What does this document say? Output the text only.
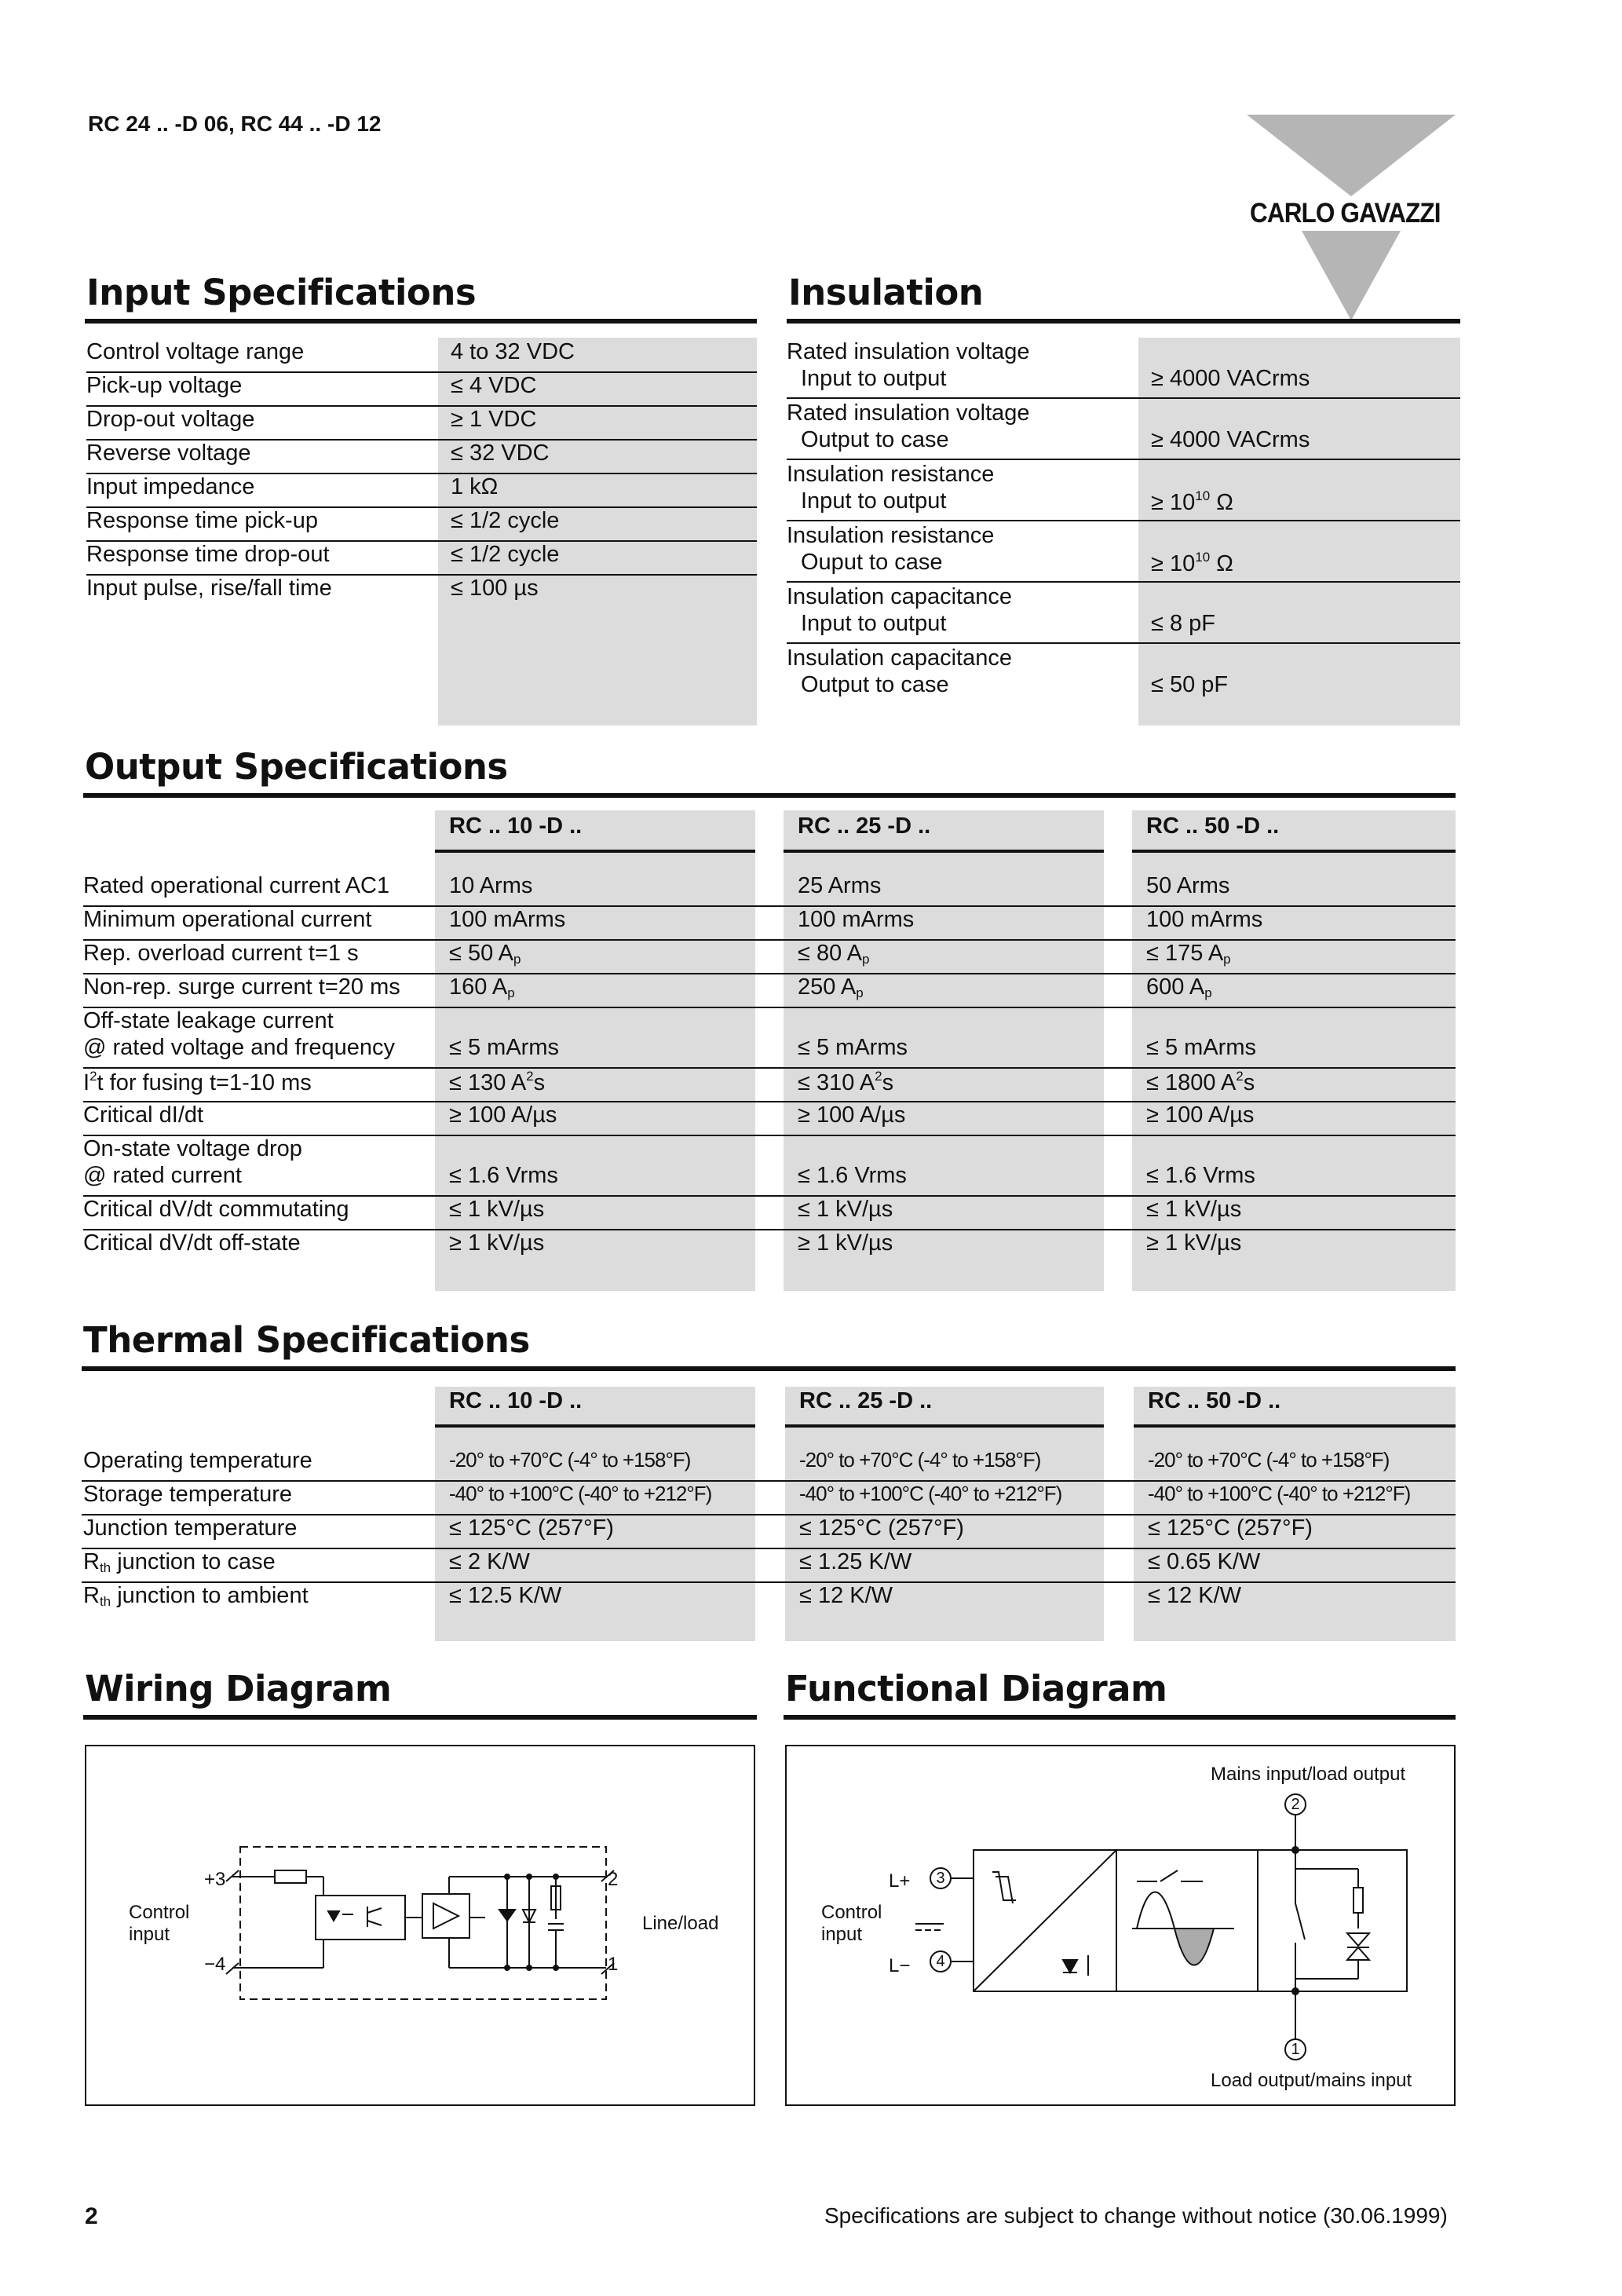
RC 24 .. -D 06, RC 44 .. -D 12
CARLO GAVAZZI
Input Specifications
Control voltage range	4 to 32 VDC
Pick-up voltage	≤ 4 VDC
Drop-out voltage	≥ 1 VDC
Reverse voltage	≤ 32 VDC
Input impedance	1 kΩ
Response time pick-up	≤ 1/2 cycle
Response time drop-out	≤ 1/2 cycle
Input pulse, rise/fall time	≤ 100 µs
Insulation
Rated insulation voltage
Input to output	≥ 4000 VACrms
Rated insulation voltage
Output to case	≥ 4000 VACrms
Insulation resistance
Input to output	≥ $10^{10}$ Ω
Insulation resistance
Ouput to case	≥ $10^{10}$ Ω
Insulation capacitance
Input to output	≤ 8 pF
Insulation capacitance
Output to case	≤ 50 pF
Output Specifications
RC .. 10 -D ..	RC .. 25 -D ..	RC .. 50 -D ..
Rated operational current AC1	10 Arms	25 Arms	50 Arms
Minimum operational current	100 mArms	100 mArms	100 mArms
Rep. overload current t=1 s	≤ 50 $A_p$	≤ 80 $A_p$	≤ 175 $A_p$
Non-rep. surge current t=20 ms 160 $A_p$	250 $A_p$	600 $A_p$
Off-state leakage current
@ rated voltage and frequency ≤ 5 mArms	≤ 5 mArms	≤ 5 mArms
$I^2t$ for fusing t=1-10 ms	≤ 130 $A^2s$	≤ 310 $A^2s$	≤ 1800 $A^2s$
Critical dI/dt	≥ 100 A/µs	≥ 100 A/µs	≥ 100 A/µs
On-state voltage drop
@ rated current	≤ 1.6 Vrms	≤ 1.6 Vrms	≤ 1.6 Vrms
Critical dV/dt commutating	≤ 1 kV/µs	≤ 1 kV/µs	≤ 1 kV/µs
Critical dV/dt off-state	≥ 1 kV/µs	≥ 1 kV/µs	≥ 1 kV/µs
Thermal Specifications
RC .. 10 -D ..	RC .. 25 -D ..	RC .. 50 -D ..
Operating temperature	-20° to +70°C (-4° to +158°F)	-20° to +70°C (-4° to +158°F)	-20° to +70°C (-4° to +158°F)
Storage temperature	-40° to +100°C (-40° to +212°F)	-40° to +100°C (-40° to +212°F)	-40° to +100°C (-40° to +212°F)
Junction temperature	≤ 125°C (257°F)	≤ 125°C (257°F)	≤ 125°C (257°F)
$R_{th}$ junction to case	≤ 2 K/W	≤ 1.25 K/W	≤ 0.65 K/W
$R_{th}$ junction to ambient	≤ 12.5 K/W	≤ 12 K/W	≤ 12 K/W
Wiring Diagram
Control
input
Line/load
+3
−4
2
1
Functional Diagram
Mains input/load output
Load output/mains input
Control
input
L+
L−
3
4
2
1
2	Specifications are subject to change without notice (30.06.1999)
